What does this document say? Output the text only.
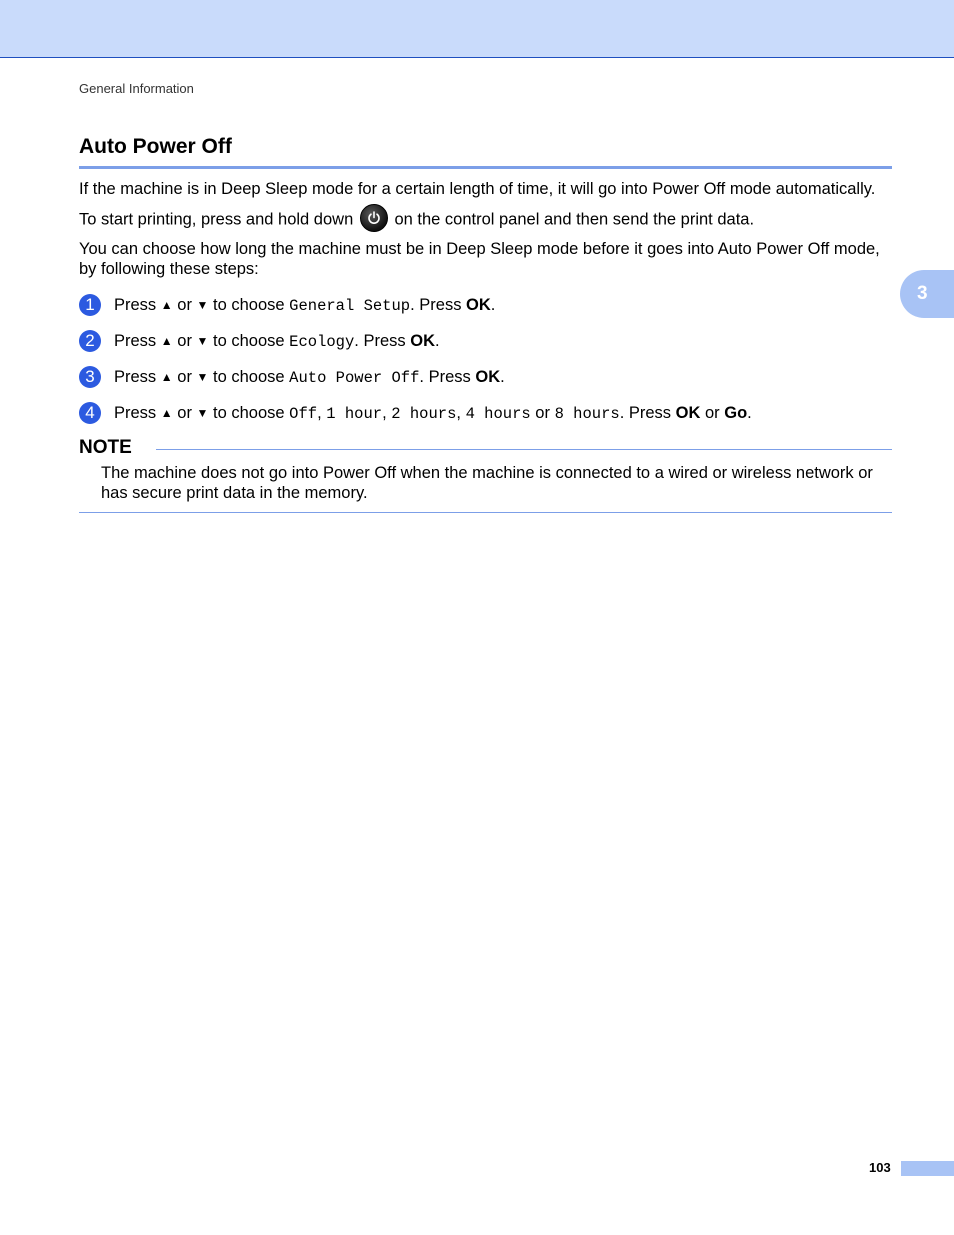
General Information
Auto Power Off

If the machine is in Deep Sleep mode for a certain length of time, it will go into Power Off mode automatically.

To start printing, press and hold down on the control panel and then send the print data.

You can choose how long the machine must be in Deep Sleep mode before it goes into Auto Power Off mode, by following these steps:

3
1	Press ▲ or ▼ to choose General Setup. Press OK.
2	Press ▲ or ▼ to choose Ecology. Press OK.
3	Press ▲ or ▼ to choose Auto Power Off. Press OK.
4	Press ▲ or ▼ to choose Off, 1 hour, 2 hours, 4 hours or 8 hours. Press OK or Go.
NOTE

The machine does not go into Power Off when the machine is connected to a wired or wireless network or has secure print data in the memory.

103
